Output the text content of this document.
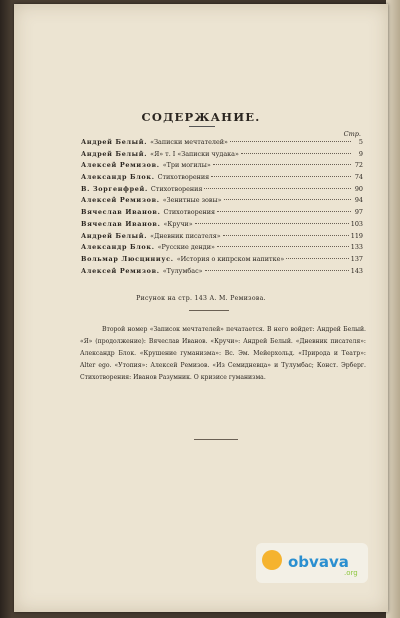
СОДЕРЖАНИЕ.
Стр.
Андрей Белый. «Записки мечтателей»	5
Андрей Белый. «Я» т. I «Записки чудака»	9
Алексей Ремизов. «Три могилы»	72
Александр Блок. Стихотворения	74
В. Зоргенфрей. Стихотворения	90
Алексей Ремизов. «Зенитные зовы»	94
Вячеслав Иванов. Стихотворения	97
Вячеслав Иванов. «Кручи»	103
Андрей Белый. «Дневник писателя»	119
Александр Блок. «Русские денди»	133
Вольмар Люсциниус. «История о кипрском напитке»	137
Алексей Ремизов. «Тулумбас»	143
Рисунок на стр. 143 А. М. Ремизова.

Второй номер «Записок мечтателей» печатается. В него войдет: Андрей Белый. «Я» (продолжение): Вячеслав Иванов. «Кручи»: Андрей Белый. «Дневник писателя»: Александр Блок. «Крушение гуманизма»: Вс. Эм. Мейерхольд. «Природа и Театр»: Alter ego. «Утопия»: Алексей Ремизов. «Из Семидневца» и Тулумбас; Конст. Эрберг. Стихотворения: Иванов Разумник. О кризисе гуманизма.

obvava
.org
